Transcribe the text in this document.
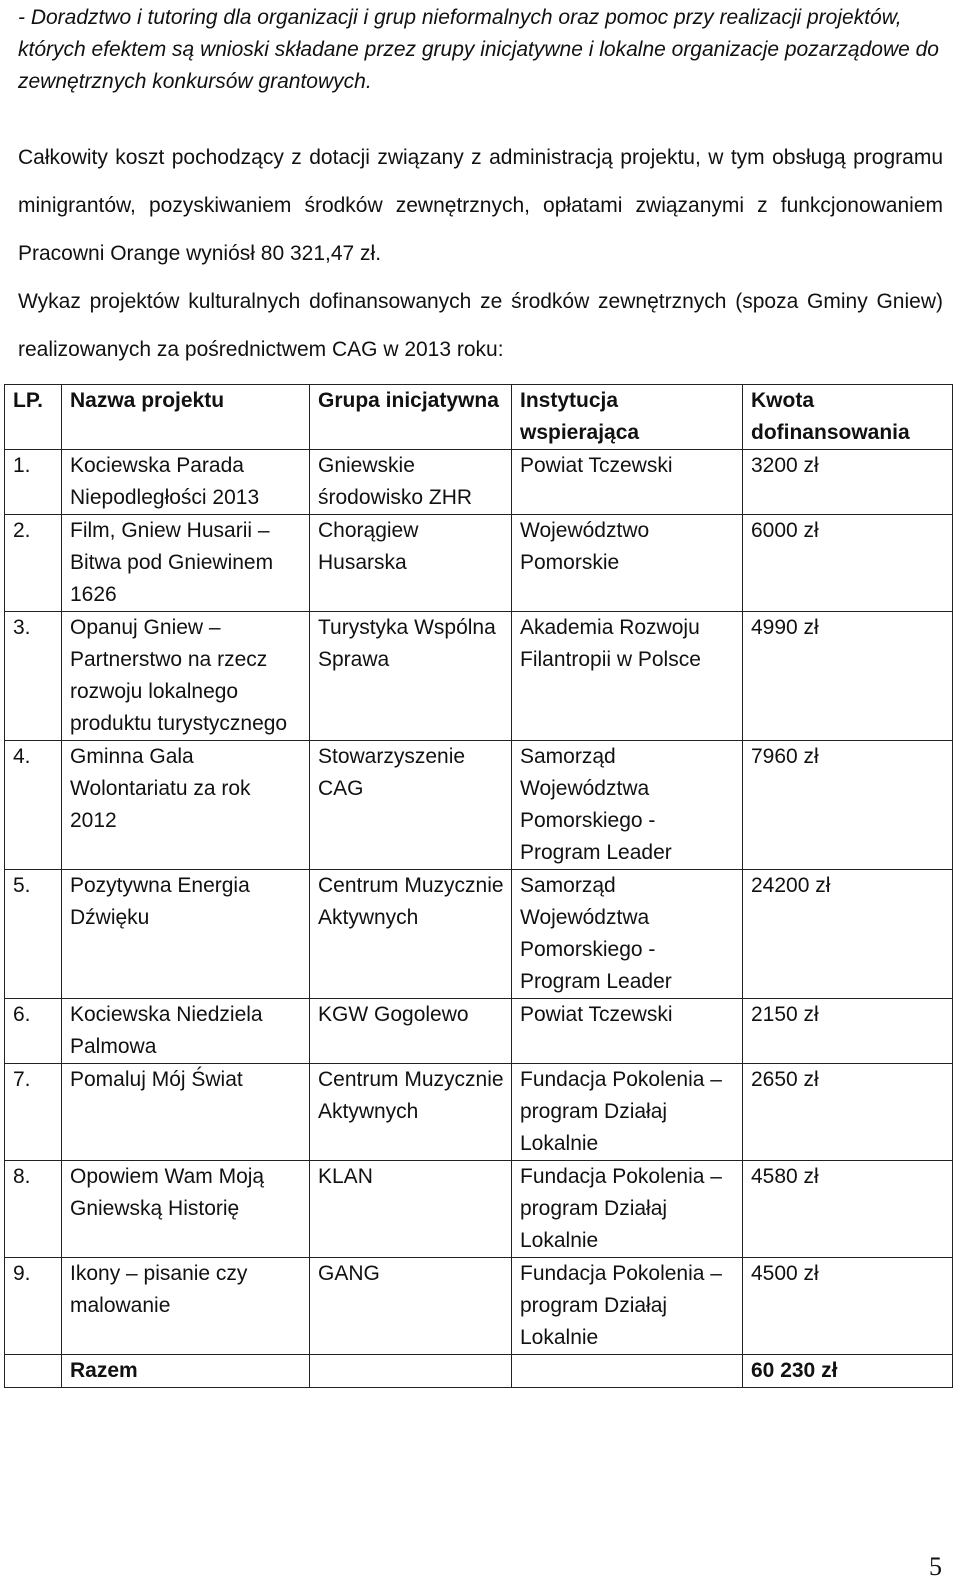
- Doradztwo i tutoring dla organizacji i grup nieformalnych oraz pomoc przy realizacji projektów, których efektem są wnioski składane przez grupy inicjatywne i lokalne organizacje pozarządowe do zewnętrznych konkursów grantowych.

Całkowity koszt pochodzący z dotacji związany z administracją projektu, w tym obsługą programu minigrantów, pozyskiwaniem środków zewnętrznych, opłatami związanymi z funkcjonowaniem Pracowni Orange wyniósł 80 321,47 zł.

Wykaz projektów kulturalnych dofinansowanych ze środków zewnętrznych (spoza Gminy Gniew) realizowanych za pośrednictwem CAG w 2013 roku:

LP.	Nazwa projektu	Grupa inicjatywna	Instytucja wspierająca	Kwota dofinansowania
1.	Kociewska Parada Niepodległości 2013	Gniewskie środowisko ZHR	Powiat Tczewski	3200 zł
2.	Film, Gniew Husarii – Bitwa pod Gniewinem 1626	Chorągiew Husarska	Województwo Pomorskie	6000 zł
3.	Opanuj Gniew – Partnerstwo na rzecz rozwoju lokalnego produktu turystycznego	Turystyka Wspólna Sprawa	Akademia Rozwoju Filantropii w Polsce	4990 zł
4.	Gminna Gala Wolontariatu za rok 2012	Stowarzyszenie CAG	Samorząd Województwa Pomorskiego - Program Leader	7960 zł
5.	Pozytywna Energia Dźwięku	Centrum Muzycznie Aktywnych	Samorząd Województwa Pomorskiego - Program Leader	24200 zł
6.	Kociewska Niedziela Palmowa	KGW Gogolewo	Powiat Tczewski	2150 zł
7.	Pomaluj Mój Świat	Centrum Muzycznie Aktywnych	Fundacja Pokolenia – program Działaj Lokalnie	2650 zł
8.	Opowiem Wam Moją Gniewską Historię	KLAN	Fundacja Pokolenia – program Działaj Lokalnie	4580 zł
9.	Ikony – pisanie czy malowanie	GANG	Fundacja Pokolenia – program Działaj Lokalnie	4500 zł
	Razem			60 230 zł
5
